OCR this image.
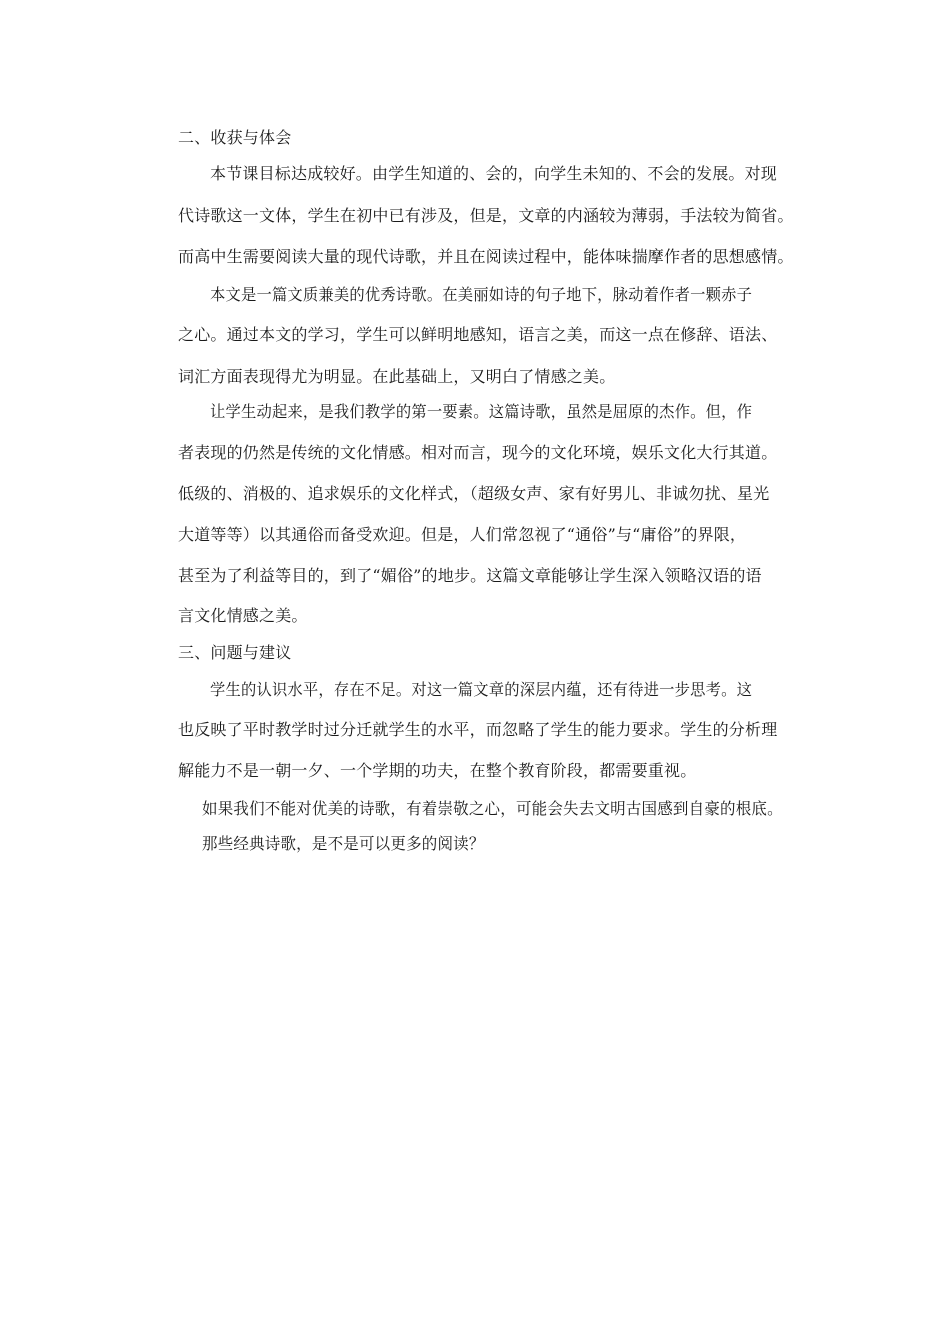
二、收获与体会
本节课目标达成较好。由学生知道的、会的，向学生未知的、不会的发展。对现
代诗歌这一文体，学生在初中已有涉及，但是，文章的内涵较为薄弱，手法较为简省。
而高中生需要阅读大量的现代诗歌，并且在阅读过程中，能体味揣摩作者的思想感情。
本文是一篇文质兼美的优秀诗歌。在美丽如诗的句子地下，脉动着作者一颗赤子
之心。通过本文的学习，学生可以鲜明地感知，语言之美，而这一点在修辞、语法、
词汇方面表现得尤为明显。在此基础上，又明白了情感之美。
让学生动起来，是我们教学的第一要素。这篇诗歌，虽然是屈原的杰作。但，作
者表现的仍然是传统的文化情感。相对而言，现今的文化环境，娱乐文化大行其道。
低级的、消极的、追求娱乐的文化样式，（超级女声、家有好男儿、非诚勿扰、星光
大道等等）以其通俗而备受欢迎。但是，人们常忽视了“通俗”与“庸俗”的界限，
甚至为了利益等目的，到了“媚俗”的地步。这篇文章能够让学生深入领略汉语的语
言文化情感之美。
三、问题与建议
学生的认识水平，存在不足。对这一篇文章的深层内蕴，还有待进一步思考。这
也反映了平时教学时过分迁就学生的水平，而忽略了学生的能力要求。学生的分析理
解能力不是一朝一夕、一个学期的功夫，在整个教育阶段，都需要重视。
如果我们不能对优美的诗歌，有着崇敬之心，可能会失去文明古国感到自豪的根底。
那些经典诗歌，是不是可以更多的阅读？
